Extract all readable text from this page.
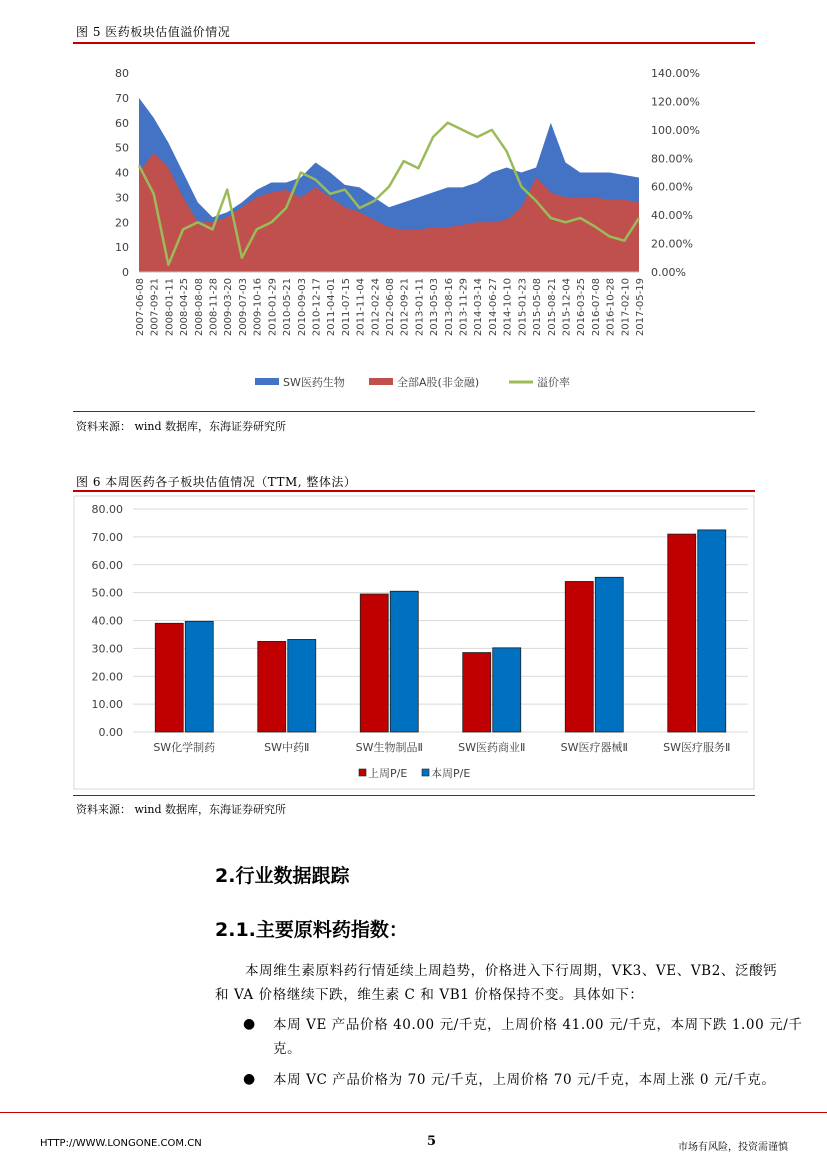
图 5 医药板块估值溢价情况
80
70
60
50
40
30
20
10
0
140.00%
120.00%
100.00%
80.00%
60.00%
40.00%
20.00%
0.00%
2007-06-08 2007-09-21 2008-01-11 2008-04-25 2008-08-08 2008-11-28 2009-03-20 2009-07-03 2009-10-16 2010-01-29 2010-05-21 2010-09-03 2010-12-17 2011-04-01 2011-07-15 2011-11-04 2012-02-24 2012-06-08 2012-09-21 2013-01-11 2013-05-03 2013-08-16 2013-11-29 2014-03-14 2014-06-27 2014-10-10 2015-01-23 2015-05-08 2015-08-21 2015-12-04 2016-03-25 2016-07-08 2016-10-28 2017-02-10 2017-05-19
SW医药生物	全部A股(非金融)	溢价率
资料来源： wind 数据库，东海证券研究所
图 6 本周医药各子板块估值情况（TTM, 整体法）
80.00
70.00
60.00
50.00
40.00
30.00
20.00
10.00
0.00
SW化学制药	SW中药Ⅱ	SW生物制品Ⅱ	SW医药商业Ⅱ	SW医疗器械Ⅱ	SW医疗服务Ⅱ
上周P/E 本周P/E
资料来源： wind 数据库，东海证券研究所
2.行业数据跟踪
2.1.主要原料药指数：
本周维生素原料药行情延续上周趋势，价格进入下行周期，VK3、VE、VB2、泛酸钙
和 VA 价格继续下跌，维生素 C 和 VB1 价格保持不变。具体如下：
● 本周 VE 产品价格 40.00 元/千克，上周价格 41.00 元/千克，本周下跌 1.00 元/千
克。
● 本周 VC 产品价格为 70 元/千克，上周价格 70 元/千克，本周上涨 0 元/千克。
HTTP://WWW.LONGONE.COM.CN	5	市场有风险，投资需谨慎
